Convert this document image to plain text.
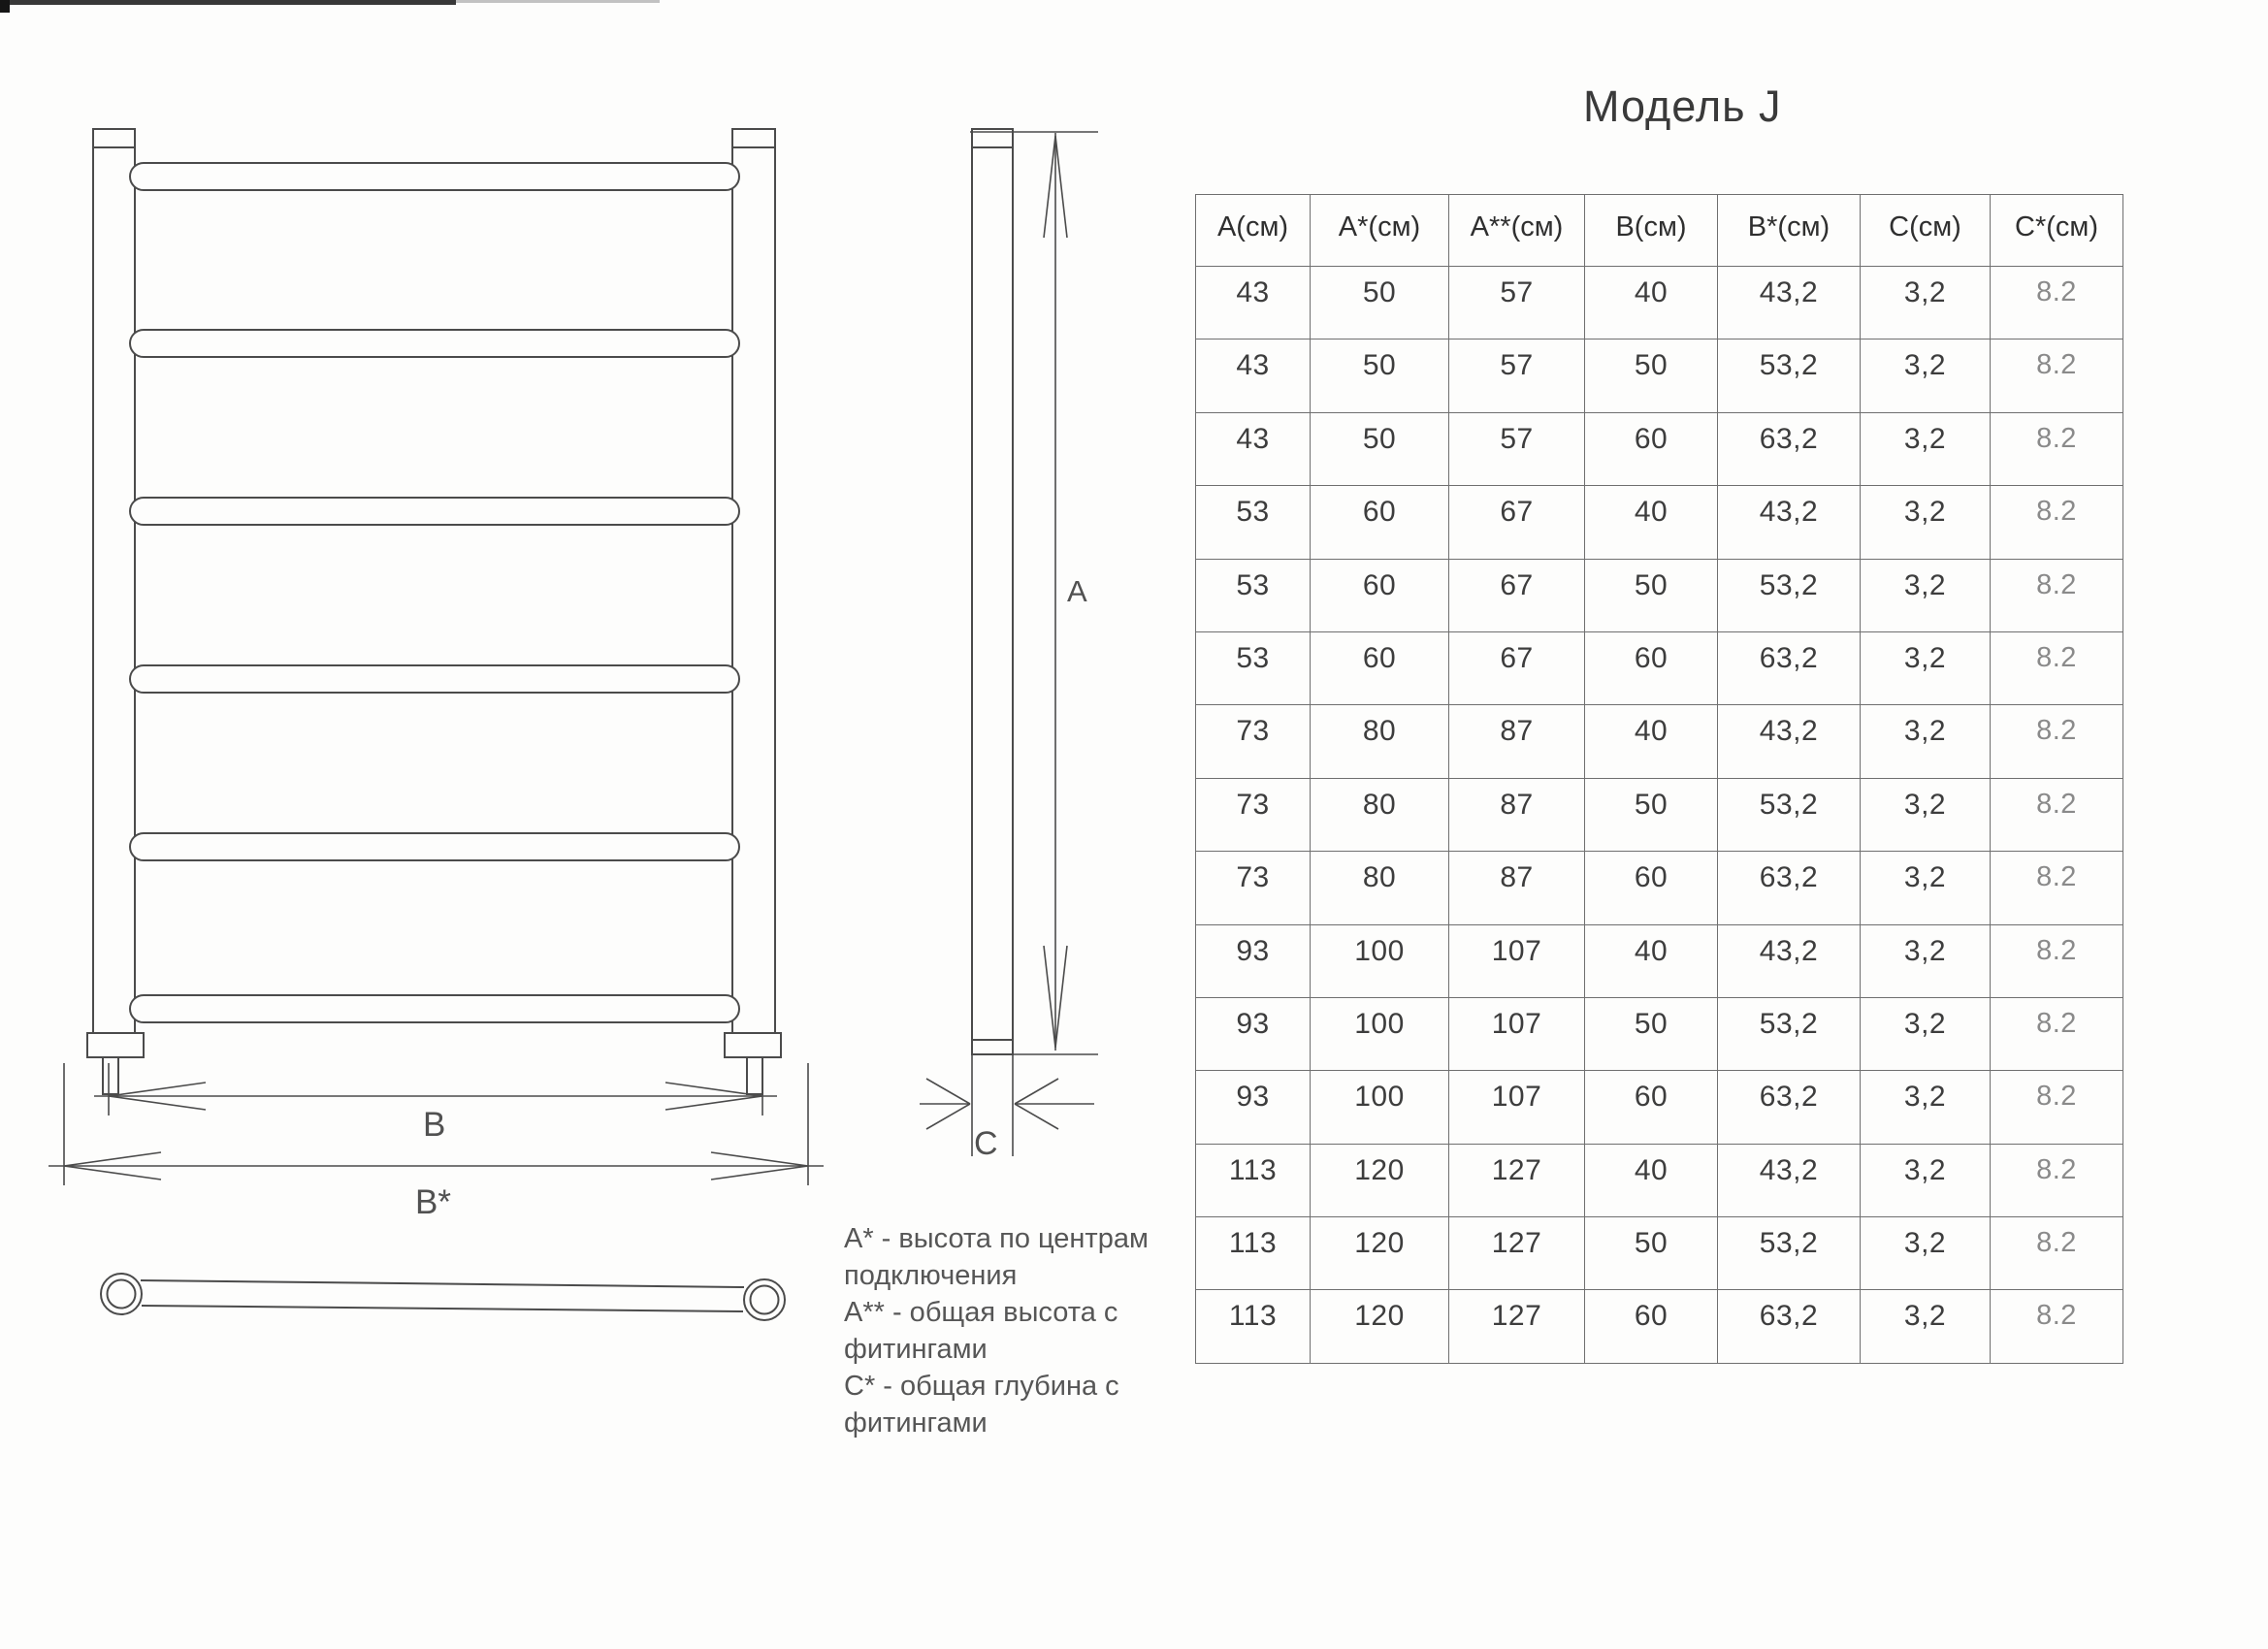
Модель J
B
B*
А
С
А(см)	А*(см)	А**(см)	В(см)	В*(см)	С(см)	С*(см)
43	50	57	40	43,2	3,2	8.2
43	50	57	50	53,2	3,2	8.2
43	50	57	60	63,2	3,2	8.2
53	60	67	40	43,2	3,2	8.2
53	60	67	50	53,2	3,2	8.2
53	60	67	60	63,2	3,2	8.2
73	80	87	40	43,2	3,2	8.2
73	80	87	50	53,2	3,2	8.2
73	80	87	60	63,2	3,2	8.2
93	100	107	40	43,2	3,2	8.2
93	100	107	50	53,2	3,2	8.2
93	100	107	60	63,2	3,2	8.2
113	120	127	40	43,2	3,2	8.2
113	120	127	50	53,2	3,2	8.2
113	120	127	60	63,2	3,2	8.2
А* - высота по центрам
подключения
А** - общая высота с
фитингами
С* - общая глубина с
фитингами
